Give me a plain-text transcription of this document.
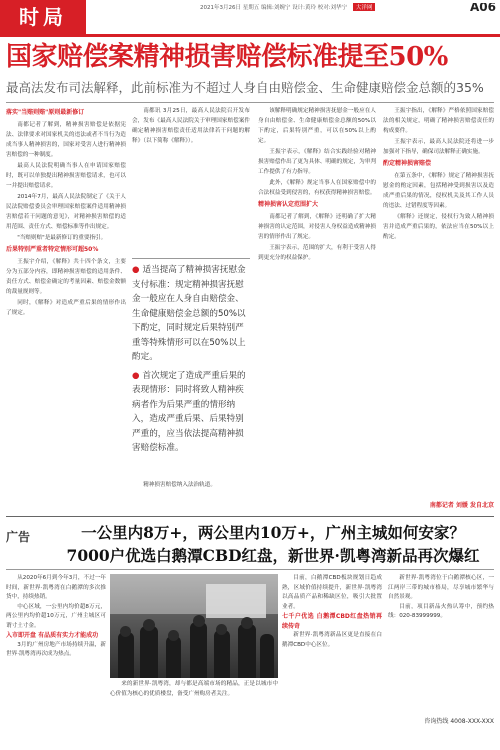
时局	2021年3月26日 星期五 编辑:刘婉宁 设计:黄玲 校对:刘华宁 大洋网	A06
国家赔偿案精神损害赔偿标准提至50%
最高法发布司法解释，此前标准为不超过人身自由赔偿金、生命健康赔偿金总额的35%

落实"当赔则赔"原则最新修订

南都记者了解到，精神损害赔偿是依据宪法、法律要求对国家机关的违法或者不当行为造成当事人精神损害的，国家对受害人进行精神损害赔偿的一种制度。

最高人民法院明确当事人在申请国家赔偿时，既可以单独提出精神损害赔偿请求，也可以一并提出赔偿请求。

2014年7月，最高人民法院制定了《关于人民法院赔偿委员会审理国家赔偿案件适用精神损害赔偿若干问题的意见》，对精神损害赔偿的适用范围、责任方式、赔偿标准等作出规定。

"当赔则赔"是最新修订的重要指引。

后果特别严重者特定情形可超50%

王振宇介绍，《解释》共十四个条文，主要分为五部分内容，即精神损害赔偿的适用条件、责任方式、赔偿金确定的考量因素、赔偿金数额的裁量规则等。

同时，《解释》对造成严重后果的情形作出了规定。

南都讯 3月25日，最高人民法院召开发布会，发布《最高人民法院关于审理国家赔偿案件确定精神损害赔偿责任适用法律若干问题的解释》（以下简称《解释》）。

● 适当提高了精神损害抚慰金支付标准：规定精神损害抚慰金一般应在人身自由赔偿金、生命健康赔偿金总额的50%以下酌定，同时规定后果特别严重等特殊情形可以在50%以上酌定。

● 首次规定了造成严重后果的表现情形：同时将致人精神疾病者作为后果严重的情形纳入，造成严重后果、后果特别严重的，应当依法提高精神损害赔偿标准。

精神损害赔偿纳入法治轨道。

该解释明确规定精神损害抚慰金一般应在人身自由赔偿金、生命健康赔偿金总额的50%以下酌定，后果特别严重，可以在50%以上酌定。

王振宇表示，《解释》结合实践经验对精神损害赔偿作出了更为具体、明确的规定，为审判工作提供了有力指导。

此外，《解释》规定当事人在国家赔偿中的合法权益受到侵害的，有权获得精神损害赔偿。

精神损害认定范围扩大

南都记者了解到，《解释》还明确了扩大精神损害的认定范围，对侵害人身权益造成精神损害的情形作出了规定。

王振宇表示，范围的扩大，有利于受害人得到更充分的权益保护。

王振宇指出，《解释》严格依照国家赔偿法的相关规定，明确了精神损害赔偿责任的构成要件。

王振宇表示，最高人民法院还将进一步加强对下指导，确保司法解释正确实施。

酌定精神损害赔偿

在第五条中，《解释》规定了精神损害抚慰金的酌定因素，包括精神受到损害以及造成严重后果的情况，侵权机关及其工作人员的违法、过错程度等因素。

《解释》还规定，侵权行为致人精神损害并造成严重后果的，依法应当在50%以上酌定。

南都记者 刘媛 发自北京
广告	一公里内8万+，两公里内10万+，广州主城如何安家？
7000户优选白鹅潭CBD红盘，新世界·凯粤湾新品再次爆红

从2020年6月到今年3月，不过一年时间，新世界·凯粤湾在白鹅潭的多次推货中，持续热销。

中心区域，一公里内均价超8万元，两公里内均价超10万元，广州主城区可谓寸土寸金。

入市即开盘 有品质有实力才能成功

3月的广州房地产市场持续升温，新世界·凯粤湾再次成为热点。

来的新世界·凯粤湾，却与都是高端市场的精品，正是以城市中心价值为核心的优质楼盘，备受广州购房者关注。

目前，白鹅潭CBD板块规划日趋成熟，区域价值持续提升，新世界·凯粤湾以高品质产品和稀缺区位，吸引大批置业者。

七千户优选 白鹅潭CBD红盘热销再续传奇

新世界·凯粤湾新品区更是直接在白鹅潭CBD中心区位。

新世界·凯粤湾位于白鹅潭核心区，一江两岸三带的城市格局，尽享城市繁华与自然景观。

目前，项目新品火热认筹中，预约热线：020-83999999。

咨询热线 4008-XXX-XXX
